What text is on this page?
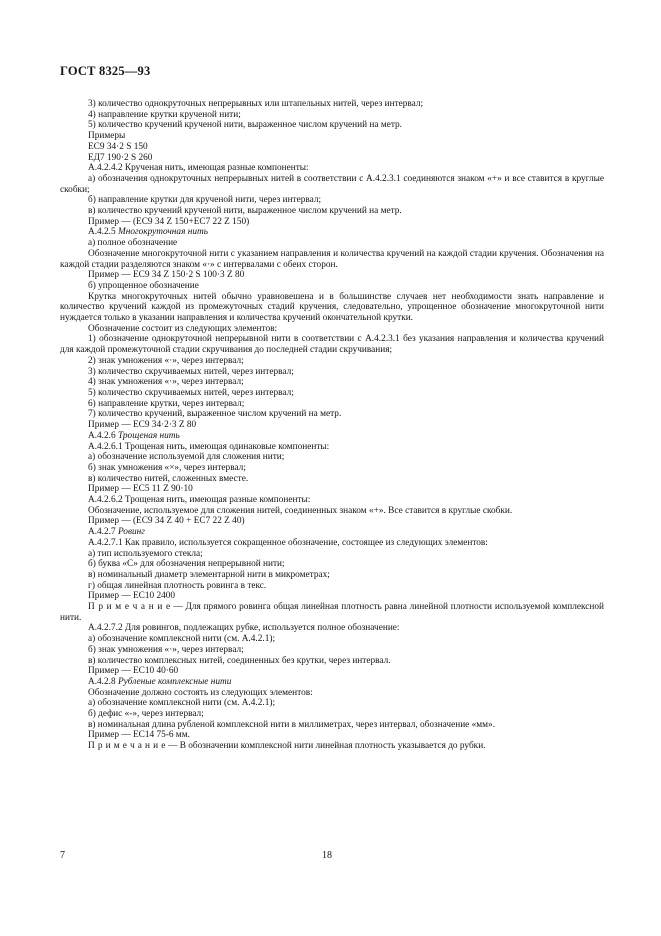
ГОСТ 8325—93

3) количество однокруточных непрерывных или штапельных нитей, через интервал;

4) направление крутки крученой нити;

5) количество кручений крученой нити, выраженное числом кручений на метр.

Примеры

ЕС9 34·2 S 150

ЕД7 190·2 S 260

А.4.2.4.2 Крученая нить, имеющая разные компоненты:

а) обозначения однокруточных непрерывных нитей в соответствии с А.4.2.3.1 соединяются знаком «+» и все ставится в круглые скобки;

б) направление крутки для крученой нити, через интервал;

в) количество кручений крученой нити, выраженное числом кручений на метр.

Пример — (ЕС9 34 Z 150+ЕС7 22 Z 150)

А.4.2.5 Многокруточная нить

а) полное обозначение

Обозначение многокруточной нити с указанием направления и количества кручений на каждой стадии кручения. Обозначения на каждой стадии разделяются знаком «·» с интервалами с обеих сторон.

Пример — ЕС9 34 Z 150·2 S 100·3 Z 80

б) упрощенное обозначение

Крутка многокруточных нитей обычно уравновешена и в большинстве случаев нет необходимости знать направление и количество кручений каждой из промежуточных стадий кручения, следовательно, упрощенное обозначение многокруточной нити нуждается только в указании направления и количества кручений окончательной крутки.

Обозначение состоит из следующих элементов:

1) обозначение однокруточной непрерывной нити в соответствии с А.4.2.3.1 без указания направления и количества кручений для каждой промежуточной стадии скручивания до последней стадии скручивания;

2) знак умножения «·», через интервал;

3) количество скручиваемых нитей, через интервал;

4) знак умножения «·», через интервал;

5) количество скручиваемых нитей, через интервал;

6) направление крутки, через интервал;

7) количество кручений, выраженное числом кручений на метр.

Пример — ЕС9 34·2·3 Z 80

А.4.2.6 Трощеная нить

А.4.2.6.1 Трощеная нить, имеющая одинаковые компоненты:

а) обозначение используемой для сложения нити;

б) знак умножения «×», через интервал;

в) количество нитей, сложенных вместе.

Пример — ЕС5 11 Z 90·10

А.4.2.6.2 Трощеная нить, имеющая разные компоненты:

Обозначение, используемое для сложения нитей, соединенных знаком «+». Все ставится в круглые скобки.

Пример — (ЕС9 34 Z 40 + ЕС7 22 Z 40)

А.4.2.7 Ровинг

А.4.2.7.1 Как правило, используется сокращенное обозначение, состоящее из следующих элементов:

а) тип используемого стекла;

б) буква «С» для обозначения непрерывной нити;

в) номинальный диаметр элементарной нити в микрометрах;

г) общая линейная плотность ровинга в текс.

Пример — ЕС10 2400

П р и м е ч а н и е — Для прямого ровинга общая линейная плотность равна линейной плотности используемой комплексной нити.

А.4.2.7.2 Для ровингов, подлежащих рубке, используется полное обозначение:

а) обозначение комплексной нити (см. А.4.2.1);

б) знак умножения «·», через интервал;

в) количество комплексных нитей, соединенных без крутки, через интервал.

Пример — ЕС10 40·60

А.4.2.8 Рубленые комплексные нити

Обозначение должно состоять из следующих элементов:

а) обозначение комплексной нити (см. А.4.2.1);

б) дефис «-», через интервал;

в) номинальная длина рубленой комплексной нити в миллиметрах, через интервал, обозначение «мм».

Пример — ЕС14 75-6 мм.

П р и м е ч а н и е — В обозначении комплексной нити линейная плотность указывается до рубки.

7	18
